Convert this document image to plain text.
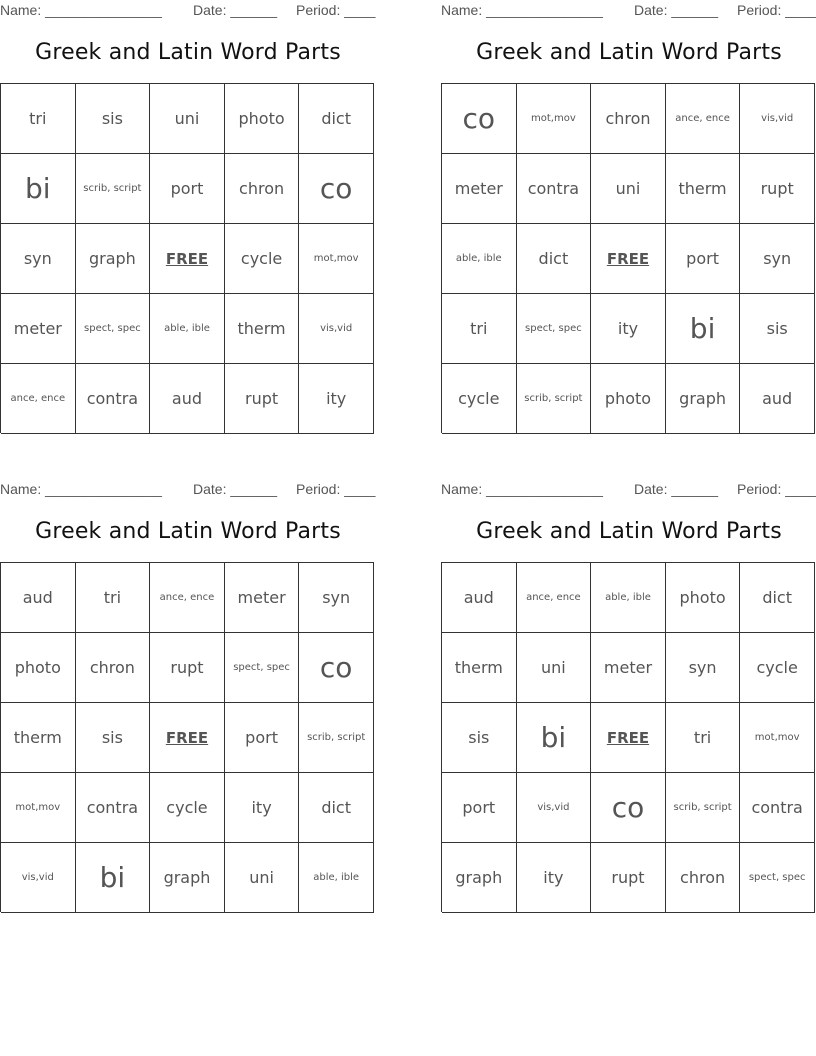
Name: _______________ Date: ______ Period: ____
Greek and Latin Word Parts
tri	sis	uni	photo	dict
bi	scrib, script	port	chron	co
syn	graph	FREE	cycle	mot,mov
meter	spect, spec	able, ible	therm	vis,vid
ance, ence	contra	aud	rupt	ity
Name: _______________ Date: ______ Period: ____
Greek and Latin Word Parts
co	mot,mov	chron	ance, ence	vis,vid
meter	contra	uni	therm	rupt
able, ible	dict	FREE	port	syn
tri	spect, spec	ity	bi	sis
cycle	scrib, script	photo	graph	aud
Name: _______________ Date: ______ Period: ____
Greek and Latin Word Parts
aud	tri	ance, ence	meter	syn
photo	chron	rupt	spect, spec	co
therm	sis	FREE	port	scrib, script
mot,mov	contra	cycle	ity	dict
vis,vid	bi	graph	uni	able, ible
Name: _______________ Date: ______ Period: ____
Greek and Latin Word Parts
aud	ance, ence	able, ible	photo	dict
therm	uni	meter	syn	cycle
sis	bi	FREE	tri	mot,mov
port	vis,vid	co	scrib, script	contra
graph	ity	rupt	chron	spect, spec
